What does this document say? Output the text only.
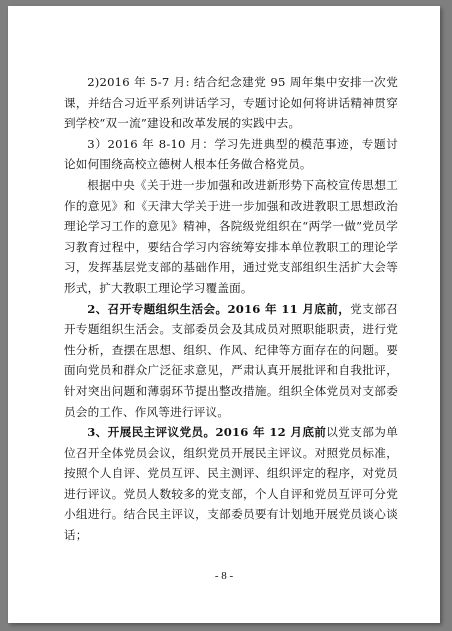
2)2016 年 5-7 月: 结合纪念建党 95 周年集中安排一次党课，并结合习近平系列讲话学习，专题讨论如何将讲话精神贯穿到学校“双一流”建设和改革发展的实践中去。

3）2016 年 8-10 月：学习先进典型的模范事迹，专题讨论如何围绕高校立德树人根本任务做合格党员。

根据中央《关于进一步加强和改进新形势下高校宣传思想工作的意见》和《天津大学关于进一步加强和改进教职工思想政治理论学习工作的意见》精神，各院级党组织在“两学一做”党员学习教育过程中，要结合学习内容统筹安排本单位教职工的理论学习，发挥基层党支部的基础作用，通过党支部组织生活扩大会等形式，扩大教职工理论学习覆盖面。

2、召开专题组织生活会。2016 年 11 月底前，党支部召开专题组织生活会。支部委员会及其成员对照职能职责，进行党性分析，查摆在思想、组织、作风、纪律等方面存在的问题。要面向党员和群众广泛征求意见，严肃认真开展批评和自我批评，针对突出问题和薄弱环节提出整改措施。组织全体党员对支部委员会的工作、作风等进行评议。

3、开展民主评议党员。2016 年 12 月底前以党支部为单位召开全体党员会议，组织党员开展民主评议。对照党员标准，按照个人自评、党员互评、民主测评、组织评定的程序，对党员进行评议。党员人数较多的党支部，个人自评和党员互评可分党小组进行。结合民主评议，支部委员要有计划地开展党员谈心谈话；

- 8 -
